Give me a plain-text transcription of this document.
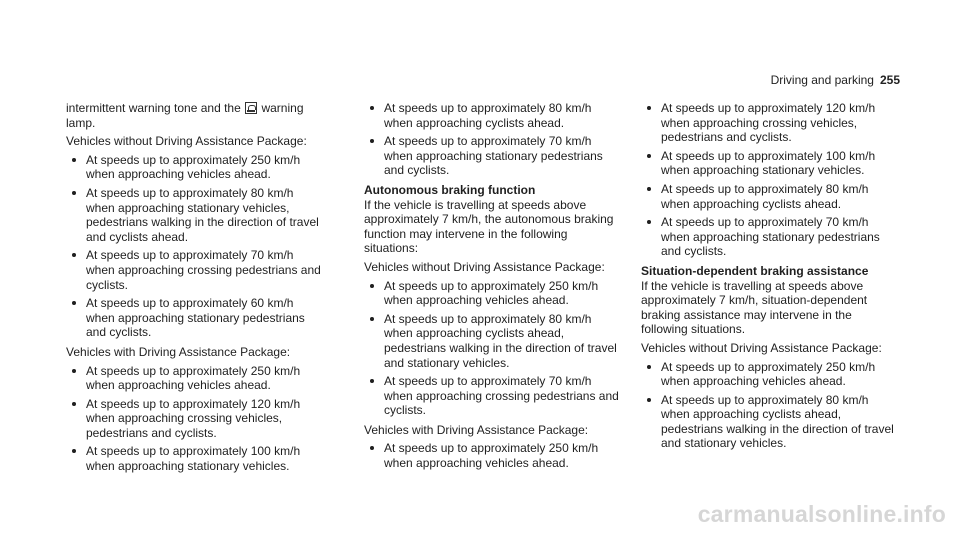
Driving and parking 255

intermittent warning tone and the warning lamp.

Vehicles without Driving Assistance Package:

At speeds up to approximately 250 km/h when approaching vehicles ahead.
At speeds up to approximately 80 km/h when approaching stationary vehicles, pedestrians walking in the direction of travel and cyclists ahead.
At speeds up to approximately 70 km/h when approaching crossing pedestrians and cyclists.
At speeds up to approximately 60 km/h when approaching stationary pedestrians and cyclists.

Vehicles with Driving Assistance Package:

At speeds up to approximately 250 km/h when approaching vehicles ahead.
At speeds up to approximately 120 km/h when approaching crossing vehicles, pedestrians and cyclists.
At speeds up to approximately 100 km/h when approaching stationary vehicles.
At speeds up to approximately 80 km/h when approaching cyclists ahead.
At speeds up to approximately 70 km/h when approaching stationary pedestrians and cyclists.
Autonomous braking function

If the vehicle is travelling at speeds above approximately 7 km/h, the autonomous braking function may intervene in the following situations:

Vehicles without Driving Assistance Package:

At speeds up to approximately 250 km/h when approaching vehicles ahead.
At speeds up to approximately 80 km/h when approaching cyclists ahead, pedestrians walking in the direction of travel and stationary vehicles.
At speeds up to approximately 70 km/h when approaching crossing pedestrians and cyclists.

Vehicles with Driving Assistance Package:

At speeds up to approximately 250 km/h when approaching vehicles ahead.
At speeds up to approximately 120 km/h when approaching crossing vehicles, pedestrians and cyclists.
At speeds up to approximately 100 km/h when approaching stationary vehicles.
At speeds up to approximately 80 km/h when approaching cyclists ahead.
At speeds up to approximately 70 km/h when approaching stationary pedestrians and cyclists.
Situation-dependent braking assistance

If the vehicle is travelling at speeds above approximately 7 km/h, situation-dependent braking assistance may intervene in the following situations.

Vehicles without Driving Assistance Package:

At speeds up to approximately 250 km/h when approaching vehicles ahead.
At speeds up to approximately 80 km/h when approaching cyclists ahead, pedestrians walking in the direction of travel and stationary vehicles.
carmanualsonline.info
